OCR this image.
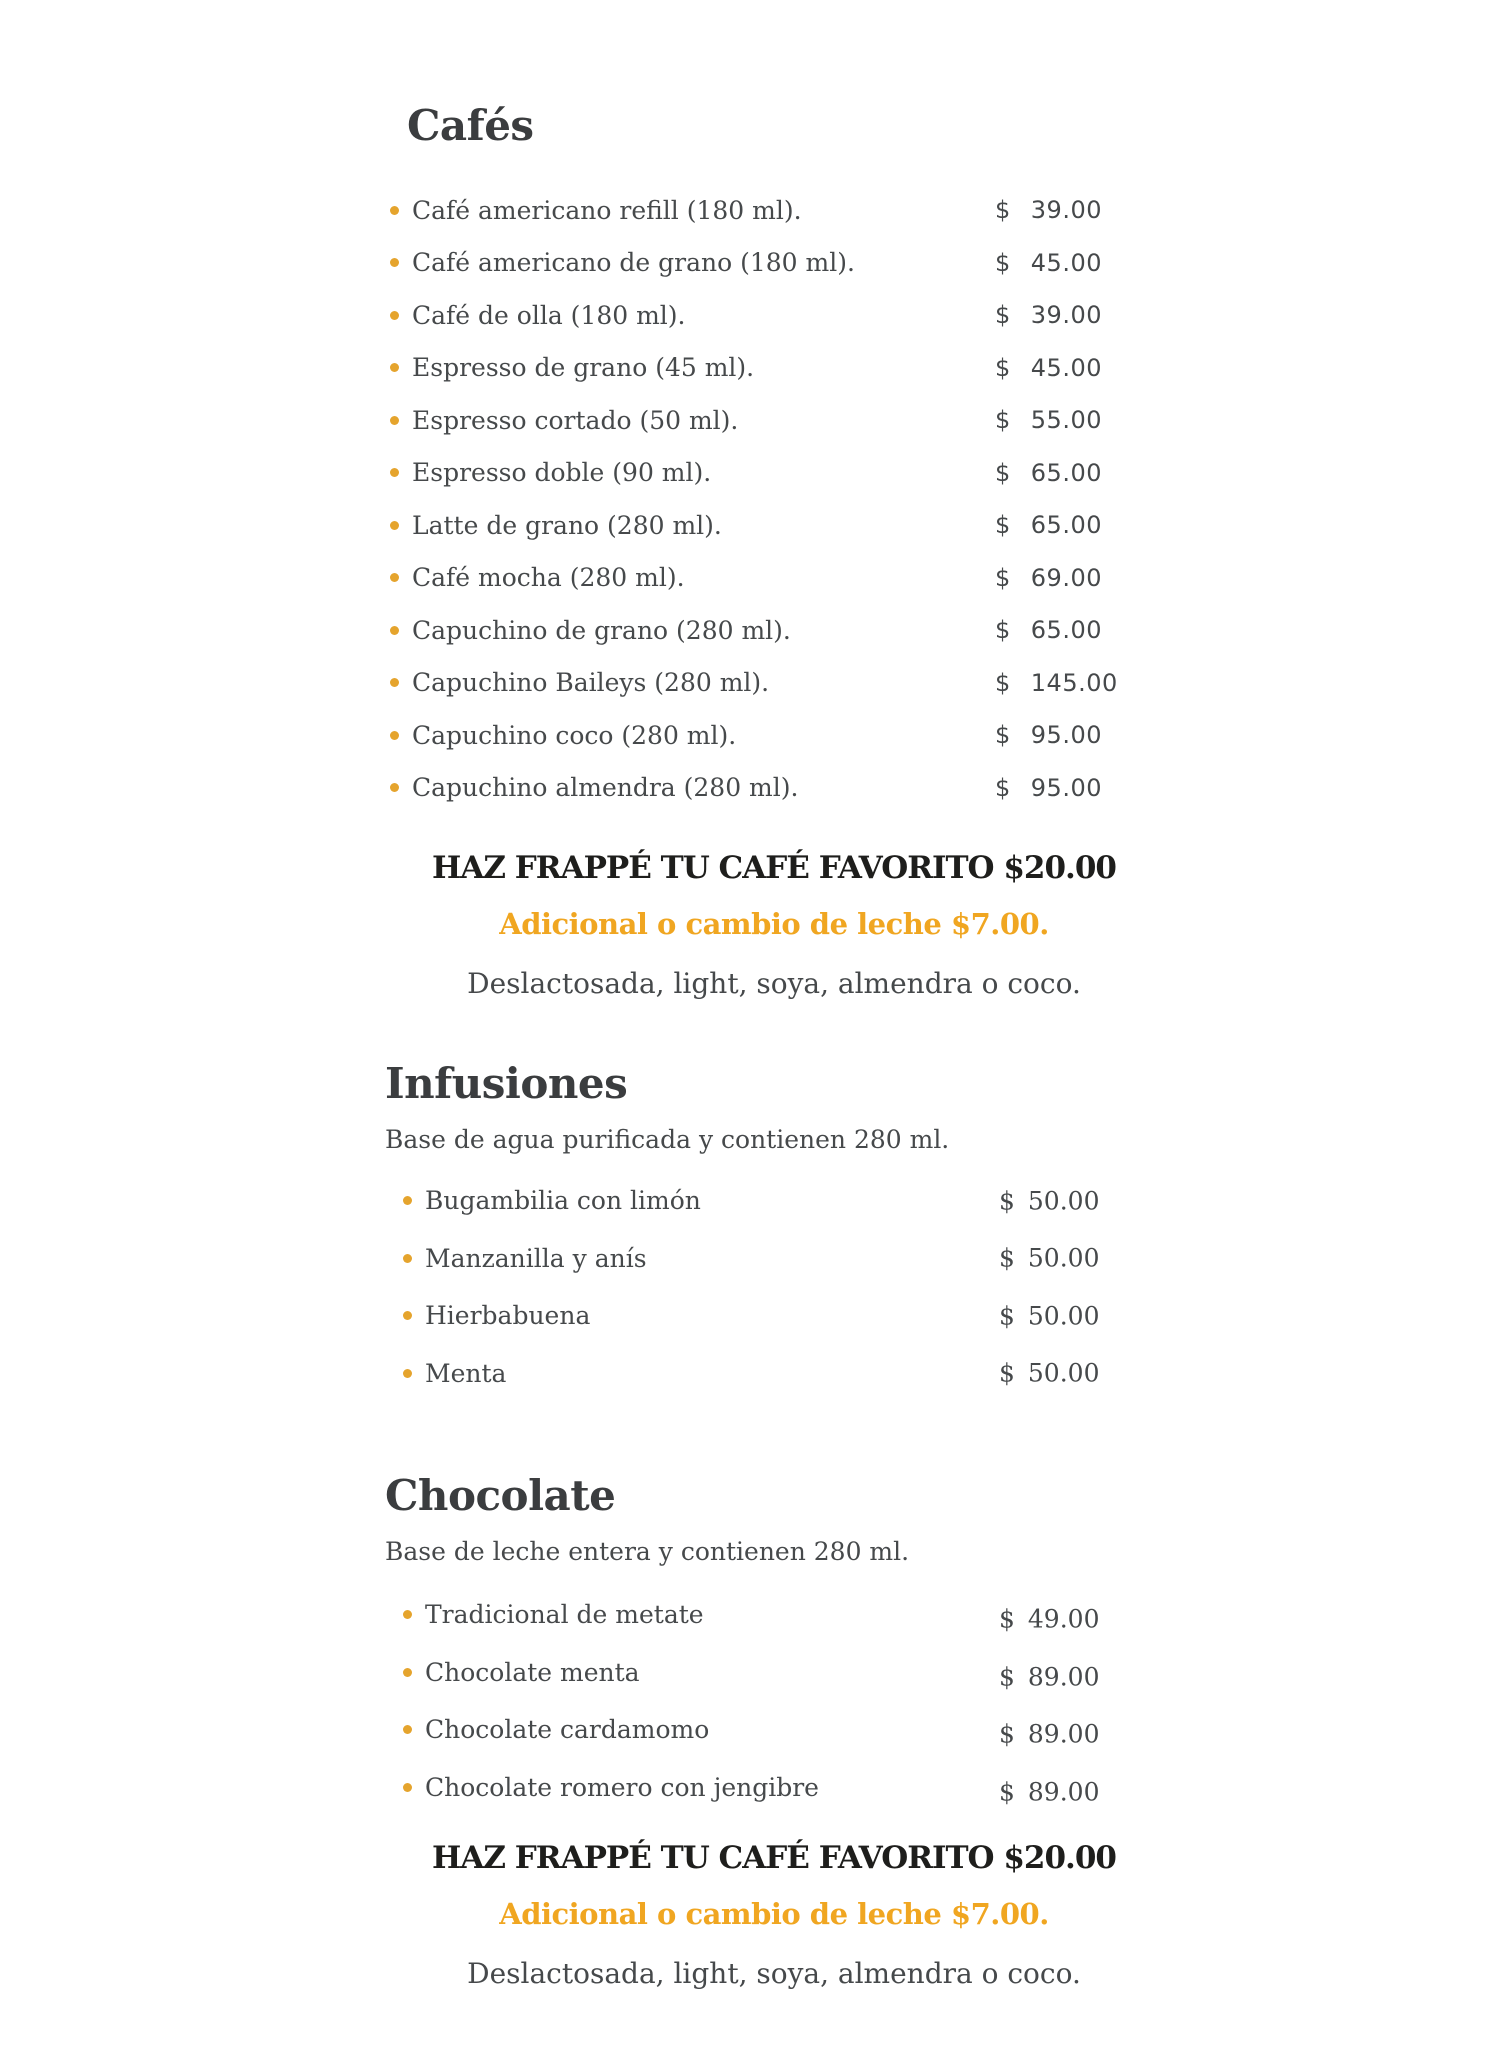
Cafés
Café americano refill (180 ml).	$ 39.00
Café americano de grano (180 ml).	$ 45.00
Café de olla (180 ml).	$ 39.00
Espresso de grano (45 ml).	$ 45.00
Espresso cortado (50 ml).	$ 55.00
Espresso doble (90 ml).	$ 65.00
Latte de grano (280 ml).	$ 65.00
Café mocha (280 ml).	$ 69.00
Capuchino de grano (280 ml).	$ 65.00
Capuchino Baileys (280 ml).	$ 145.00
Capuchino coco (280 ml).	$ 95.00
Capuchino almendra (280 ml).	$ 95.00

HAZ FRAPPÉ TU CAFÉ FAVORITO $20.00

Adicional o cambio de leche $7.00.

Deslactosada, light, soya, almendra o coco.

Infusiones

Base de agua purificada y contienen 280 ml.

Bugambilia con limón	$ 50.00
Manzanilla y anís	$ 50.00
Hierbabuena	$ 50.00
Menta	$ 50.00
Chocolate

Base de leche entera y contienen 280 ml.

Tradicional de metate	$ 49.00
Chocolate menta	$ 89.00
Chocolate cardamomo	$ 89.00
Chocolate romero con jengibre	$ 89.00

HAZ FRAPPÉ TU CAFÉ FAVORITO $20.00

Adicional o cambio de leche $7.00.

Deslactosada, light, soya, almendra o coco.
